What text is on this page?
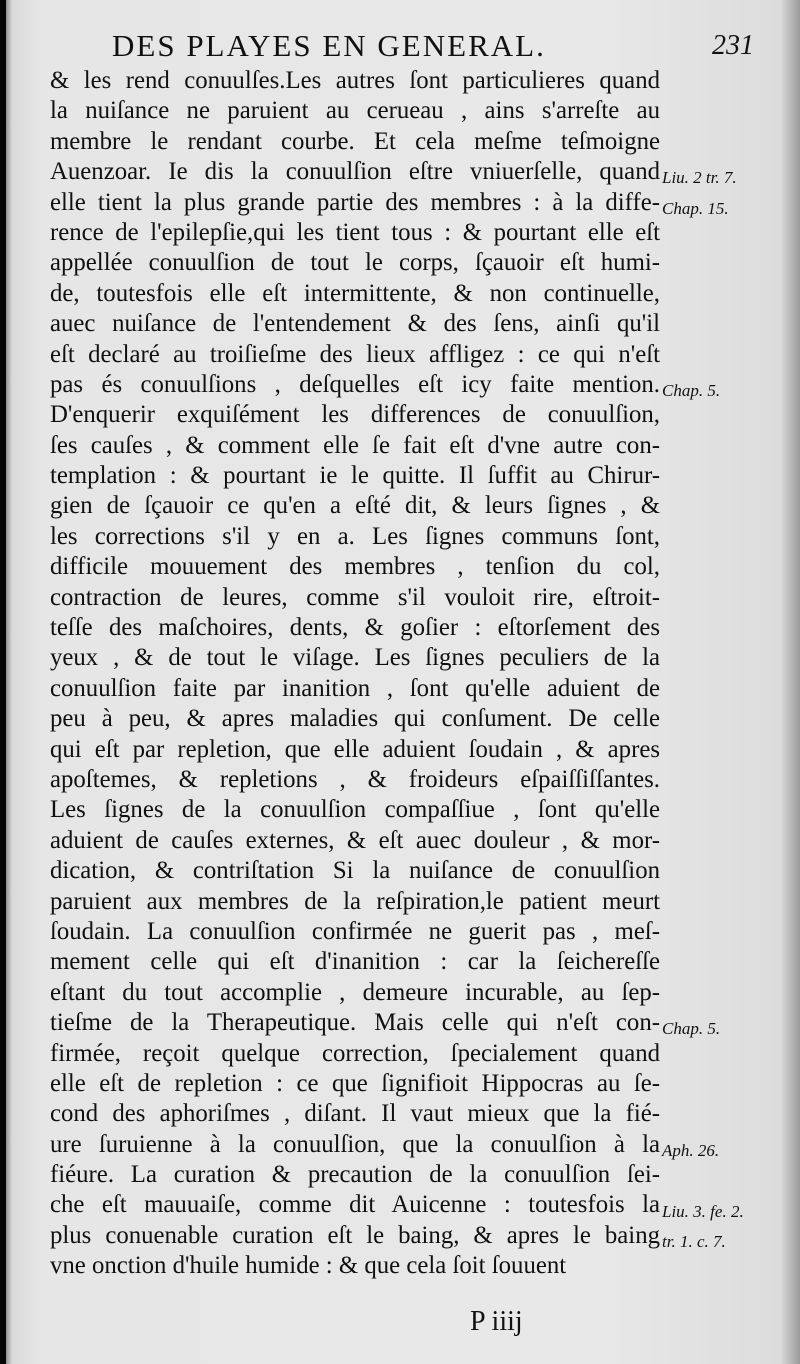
DES PLAYES EN GENERAL.	231
& les rend conuulſes.Les autres ſont particulieres quand
la nuiſance ne paruient au cerueau , ains s'arreſte au
membre le rendant courbe. Et cela meſme teſmoigne
Auenzoar. Ie dis la conuulſion eſtre vniuerſelle, quand
elle tient la plus grande partie des membres : à la diffe-
rence de l'epilepſie,qui les tient tous : & pourtant elle eſt
appellée conuulſion de tout le corps, ſçauoir eſt humi-
de, toutesfois elle eſt intermittente, & non continuelle,
auec nuiſance de l'entendement & des ſens, ainſi qu'il
eſt declaré au troiſieſme des lieux affligez : ce qui n'eſt
pas és conuulſions , deſquelles eſt icy faite mention.
D'enquerir exquiſément les differences de conuulſion,
ſes cauſes , & comment elle ſe fait eſt d'vne autre con-
templation : & pourtant ie le quitte. Il ſuffit au Chirur-
gien de ſçauoir ce qu'en a eſté dit, & leurs ſignes , &
les corrections s'il y en a. Les ſignes communs ſont,
difficile mouuement des membres , tenſion du col,
contraction de leures, comme s'il vouloit rire, eſtroit-
teſſe des maſchoires, dents, & goſier : eſtorſement des
yeux , & de tout le viſage. Les ſignes peculiers de la
conuulſion faite par inanition , ſont qu'elle aduient de
peu à peu, & apres maladies qui conſument. De celle
qui eſt par repletion, que elle aduient ſoudain , & apres
apoſtemes, & repletions , & froideurs eſpaiſſiſſantes.
Les ſignes de la conuulſion compaſſiue , ſont qu'elle
aduient de cauſes externes, & eſt auec douleur , & mor-
dication, & contriſtation Si la nuiſance de conuulſion
paruient aux membres de la reſpiration,le patient meurt
ſoudain. La conuulſion confirmée ne guerit pas , meſ-
mement celle qui eſt d'inanition : car la ſeichereſſe
eſtant du tout accomplie , demeure incurable, au ſep-
tieſme de la Therapeutique. Mais celle qui n'eſt con-
firmée, reçoit quelque correction, ſpecialement quand
elle eſt de repletion : ce que ſignifioit Hippocras au ſe-
cond des aphoriſmes , diſant. Il vaut mieux que la fié-
ure ſuruienne à la conuulſion, que la conuulſion à la
fiéure. La curation & precaution de la conuulſion ſei-
che eſt mauuaiſe, comme dit Auicenne : toutesfois la
plus conuenable curation eſt le baing, & apres le baing
vne onction d'huile humide : & que cela ſoit ſouuent
Liu. 2 tr. 7.
Chap. 15.
Chap. 5.
Chap. 5.
Aph. 26.
Liu. 3. fe. 2.
tr. 1. c. 7.
P iiij
